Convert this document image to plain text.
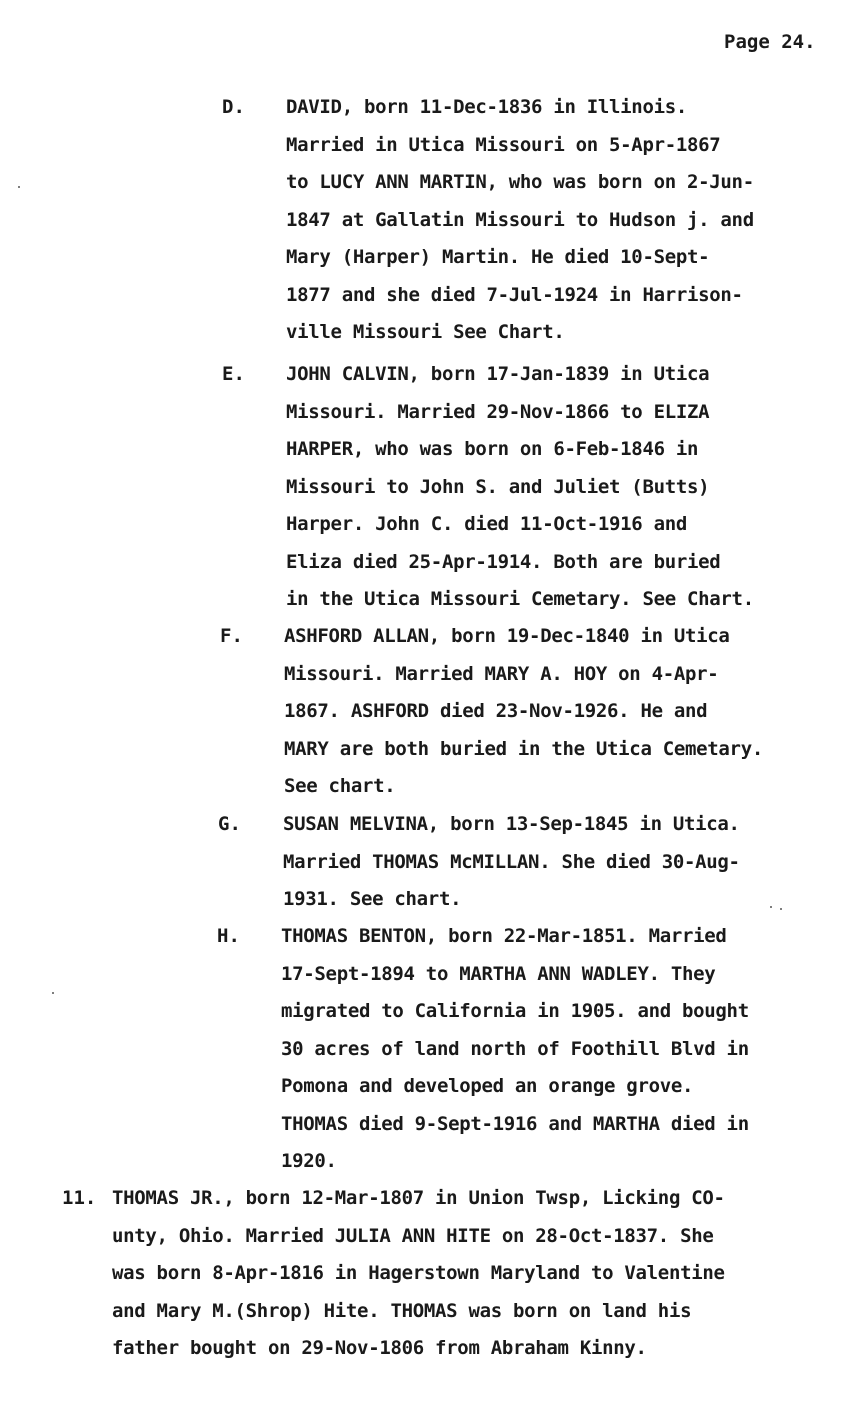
Page 24.
D. DAVID, born 11-Dec-1836 in Illinois.
Married in Utica Missouri on 5-Apr-1867
to LUCY ANN MARTIN, who was born on 2-Jun-
1847 at Gallatin Missouri to Hudson j. and
Mary (Harper) Martin. He died 10-Sept-
1877 and she died 7-Jul-1924 in Harrison-
ville Missouri See Chart.
E. JOHN CALVIN, born 17-Jan-1839 in Utica
Missouri. Married 29-Nov-1866 to ELIZA
HARPER, who was born on 6-Feb-1846 in
Missouri to John S. and Juliet (Butts)
Harper. John C. died 11-Oct-1916 and
Eliza died 25-Apr-1914. Both are buried
in the Utica Missouri Cemetary. See Chart.
F. ASHFORD ALLAN, born 19-Dec-1840 in Utica
Missouri. Married MARY A. HOY on 4-Apr-
1867. ASHFORD died 23-Nov-1926. He and
MARY are both buried in the Utica Cemetary.
See chart.
G. SUSAN MELVINA, born 13-Sep-1845 in Utica.
Married THOMAS McMILLAN. She died 30-Aug-
1931. See chart.
H. THOMAS BENTON, born 22-Mar-1851. Married
17-Sept-1894 to MARTHA ANN WADLEY. They
migrated to California in 1905. and bought
30 acres of land north of Foothill Blvd in
Pomona and developed an orange grove.
THOMAS died 9-Sept-1916 and MARTHA died in
1920.
11. THOMAS JR., born 12-Mar-1807 in Union Twsp, Licking CO-
unty, Ohio. Married JULIA ANN HITE on 28-Oct-1837. She
was born 8-Apr-1816 in Hagerstown Maryland to Valentine
and Mary M.(Shrop) Hite. THOMAS was born on land his
father bought on 29-Nov-1806 from Abraham Kinny.
